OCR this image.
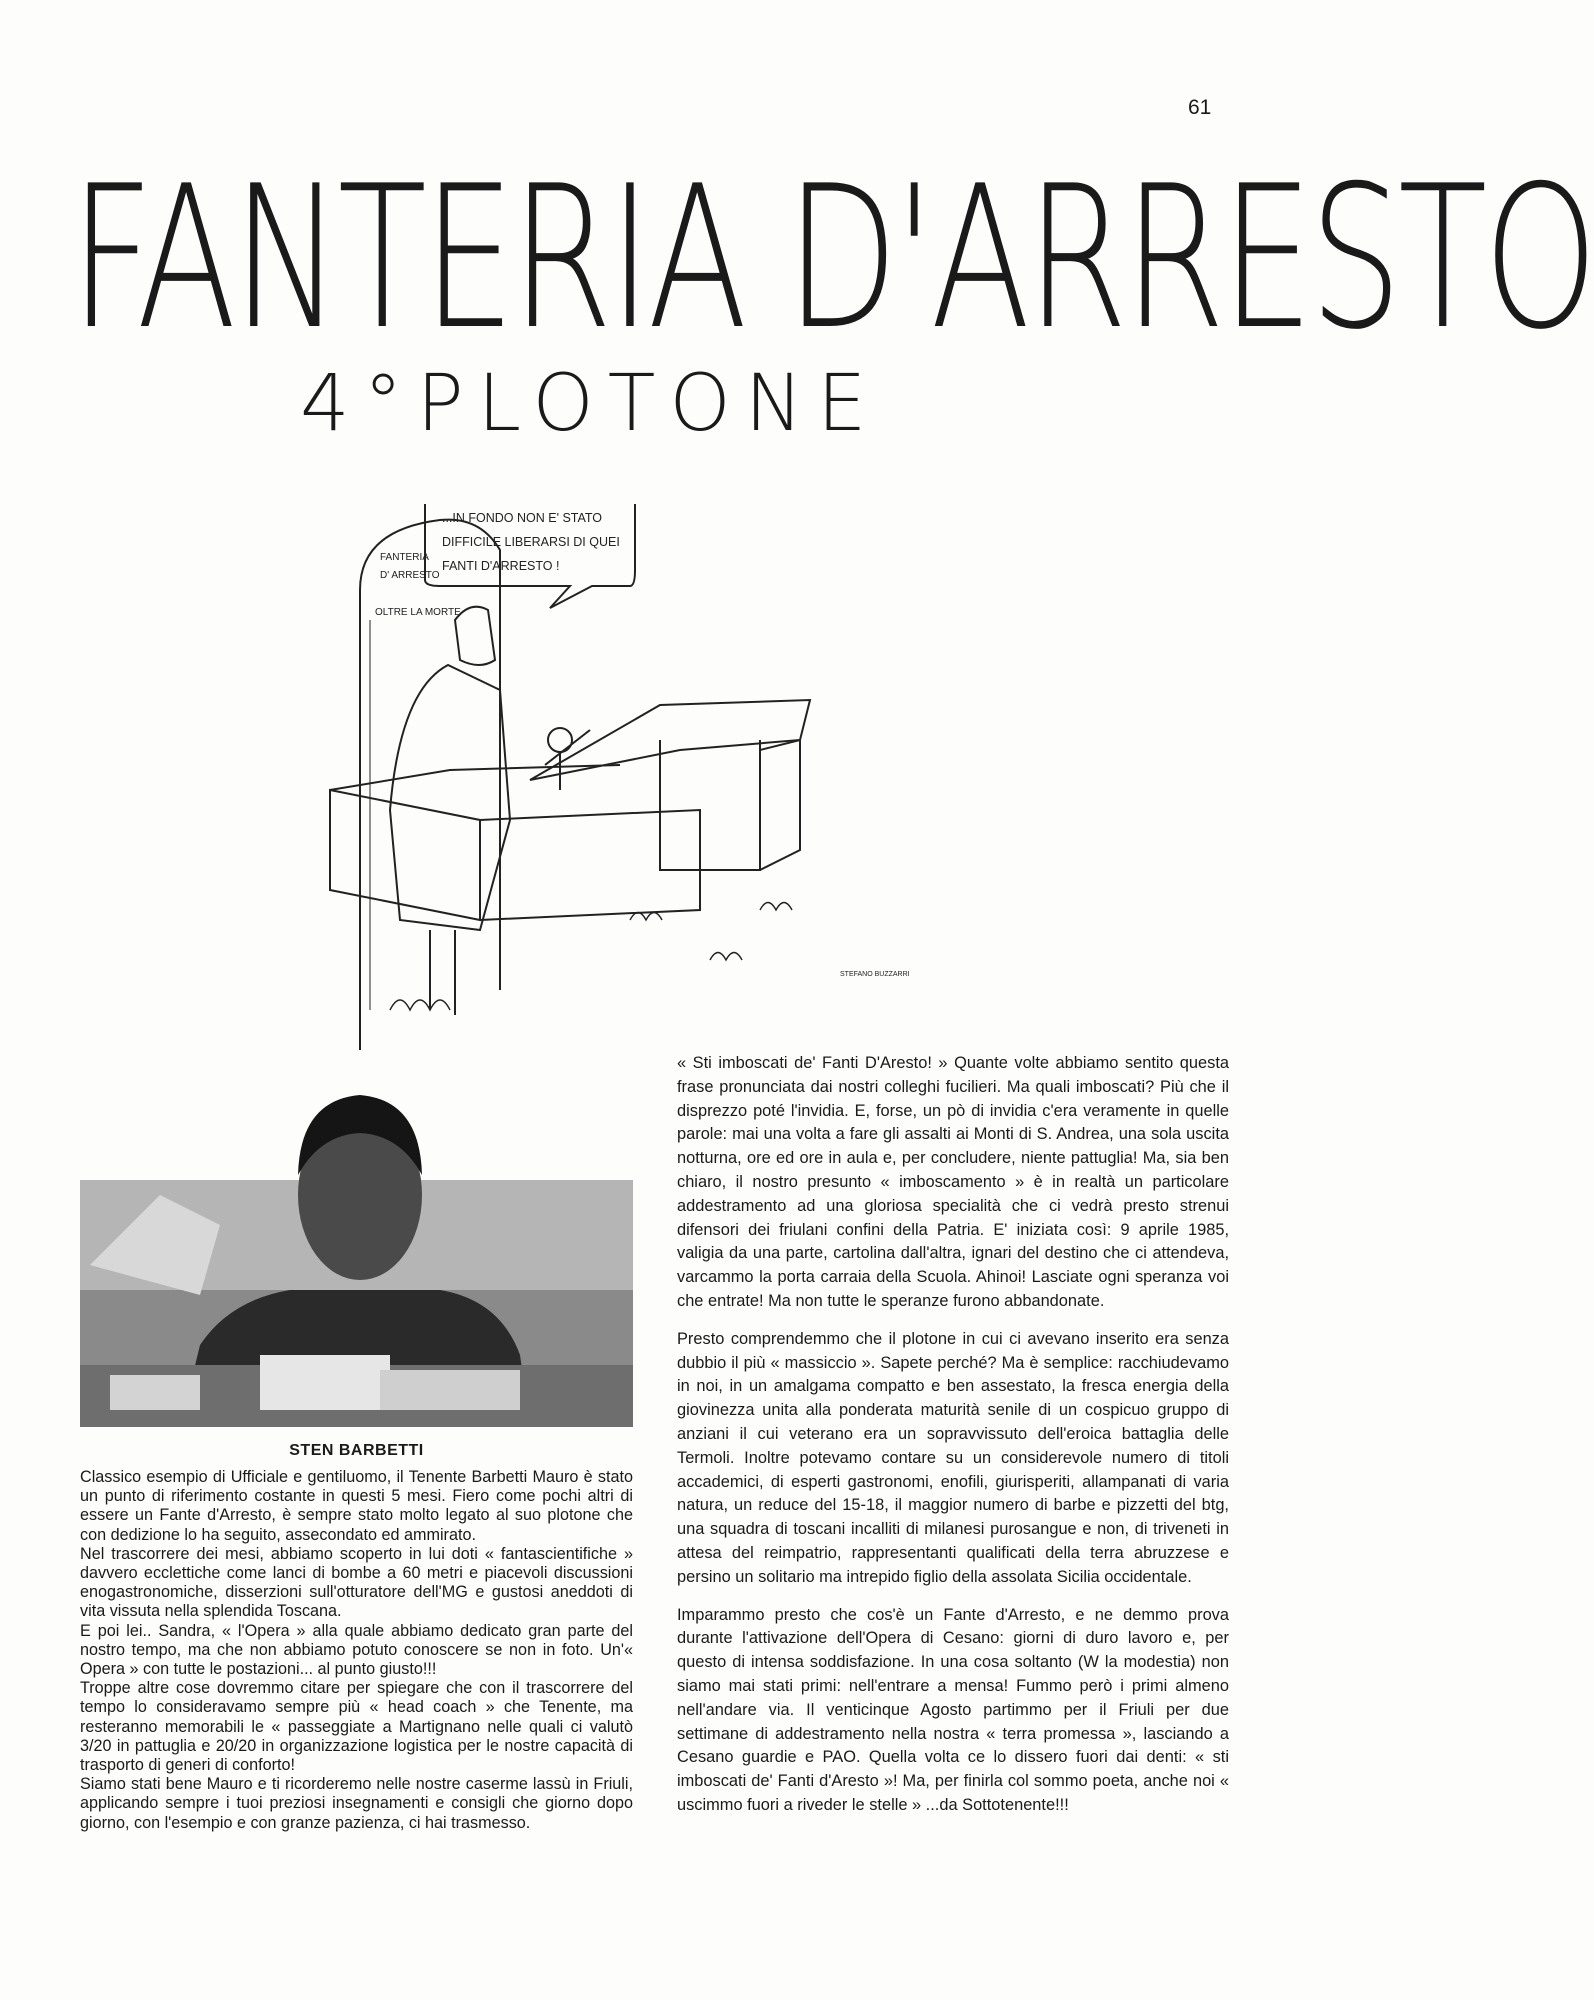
61
FANTERIA D'ARRESTO
4°PLOTONE
FANTERIA
D' ARRESTO
OLTRE LA MORTE
...IN FONDO NON E' STATO
DIFFICILE LIBERARSI DI QUEI
FANTI D'ARRESTO !
STEFANO BUZZARRI
STEN BARBETTI

Classico esempio di Ufficiale e gentiluomo, il Tenente Barbetti Mauro è stato un punto di riferimento costante in questi 5 mesi. Fiero come pochi altri di essere un Fante d'Arresto, è sempre stato molto legato al suo plotone che con dedizione lo ha seguito, assecondato ed ammirato.

Nel trascorrere dei mesi, abbiamo scoperto in lui doti « fantascientifiche » davvero ecclettiche come lanci di bombe a 60 metri e piacevoli discussioni enogastronomiche, disserzioni sull'otturatore dell'MG e gustosi aneddoti di vita vissuta nella splendida Toscana.

E poi lei.. Sandra, « l'Opera » alla quale abbiamo dedicato gran parte del nostro tempo, ma che non abbiamo potuto conoscere se non in foto. Un'« Opera » con tutte le postazioni... al punto giusto!!!

Troppe altre cose dovremmo citare per spiegare che con il trascorrere del tempo lo consideravamo sempre più « head coach » che Tenente, ma resteranno memorabili le « passeggiate a Martignano nelle quali ci valutò 3/20 in pattuglia e 20/20 in organizzazione logistica per le nostre capacità di trasporto di generi di conforto!

Siamo stati bene Mauro e ti ricorderemo nelle nostre caserme lassù in Friuli, applicando sempre i tuoi preziosi insegnamenti e consigli che giorno dopo giorno, con l'esempio e con granze pazienza, ci hai trasmesso.

« Sti imboscati de' Fanti D'Aresto! » Quante volte abbiamo sentito questa frase pronunciata dai nostri colleghi fucilieri. Ma quali imboscati? Più che il disprezzo poté l'invidia. E, forse, un pò di invidia c'era veramente in quelle parole: mai una volta a fare gli assalti ai Monti di S. Andrea, una sola uscita notturna, ore ed ore in aula e, per concludere, niente pattuglia! Ma, sia ben chiaro, il nostro presunto « imboscamento » è in realtà un particolare addestramento ad una gloriosa specialità che ci vedrà presto strenui difensori dei friulani confini della Patria. E' iniziata così: 9 aprile 1985, valigia da una parte, cartolina dall'altra, ignari del destino che ci attendeva, varcammo la porta carraia della Scuola. Ahinoi! Lasciate ogni speranza voi che entrate! Ma non tutte le speranze furono abbandonate.

Presto comprendemmo che il plotone in cui ci avevano inserito era senza dubbio il più « massiccio ». Sapete perché? Ma è semplice: racchiudevamo in noi, in un amalgama compatto e ben assestato, la fresca energia della giovinezza unita alla ponderata maturità senile di un cospicuo gruppo di anziani il cui veterano era un sopravvissuto dell'eroica battaglia delle Termoli. Inoltre potevamo contare su un considerevole numero di titoli accademici, di esperti gastronomi, enofili, giurisperiti, allampanati di varia natura, un reduce del 15-18, il maggior numero di barbe e pizzetti del btg, una squadra di toscani incalliti di milanesi purosangue e non, di triveneti in attesa del reimpatrio, rappresentanti qualificati della terra abruzzese e persino un solitario ma intrepido figlio della assolata Sicilia occidentale.

Imparammo presto che cos'è un Fante d'Arresto, e ne demmo prova durante l'attivazione dell'Opera di Cesano: giorni di duro lavoro e, per questo di intensa soddisfazione. In una cosa soltanto (W la modestia) non siamo mai stati primi: nell'entrare a mensa! Fummo però i primi almeno nell'andare via. Il venticinque Agosto partimmo per il Friuli per due settimane di addestramento nella nostra « terra promessa », lasciando a Cesano guardie e PAO. Quella volta ce lo dissero fuori dai denti: « sti imboscati de' Fanti d'Aresto »! Ma, per finirla col sommo poeta, anche noi « uscimmo fuori a riveder le stelle » ...da Sottotenente!!!
